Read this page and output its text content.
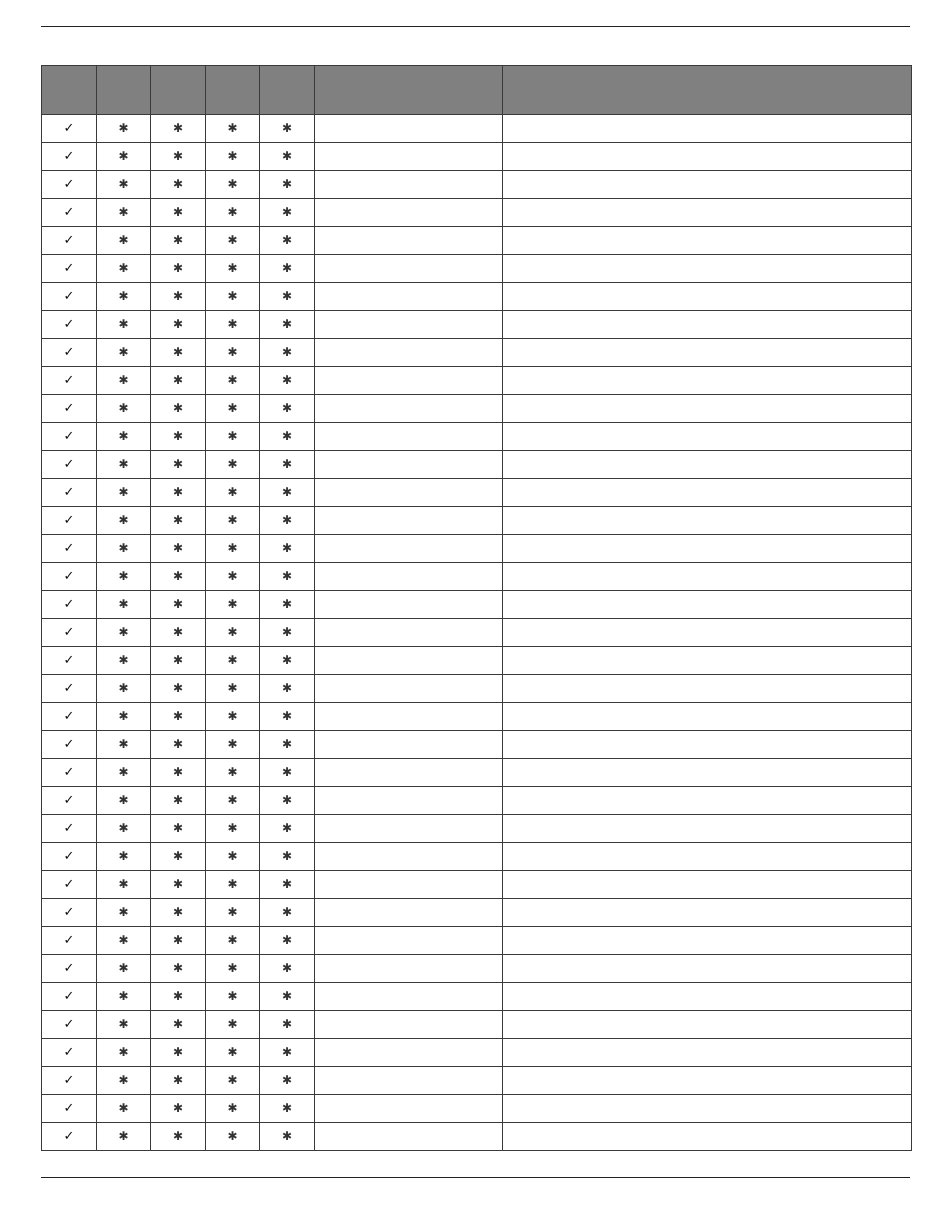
✓	✱	✱	✱	✱		
✓	✱	✱	✱	✱		
✓	✱	✱	✱	✱		
✓	✱	✱	✱	✱		
✓	✱	✱	✱	✱		
✓	✱	✱	✱	✱		
✓	✱	✱	✱	✱		
✓	✱	✱	✱	✱		
✓	✱	✱	✱	✱		
✓	✱	✱	✱	✱		
✓	✱	✱	✱	✱		
✓	✱	✱	✱	✱		
✓	✱	✱	✱	✱		
✓	✱	✱	✱	✱		
✓	✱	✱	✱	✱		
✓	✱	✱	✱	✱		
✓	✱	✱	✱	✱		
✓	✱	✱	✱	✱		
✓	✱	✱	✱	✱		
✓	✱	✱	✱	✱		
✓	✱	✱	✱	✱		
✓	✱	✱	✱	✱		
✓	✱	✱	✱	✱		
✓	✱	✱	✱	✱		
✓	✱	✱	✱	✱		
✓	✱	✱	✱	✱		
✓	✱	✱	✱	✱		
✓	✱	✱	✱	✱		
✓	✱	✱	✱	✱		
✓	✱	✱	✱	✱		
✓	✱	✱	✱	✱		
✓	✱	✱	✱	✱		
✓	✱	✱	✱	✱		
✓	✱	✱	✱	✱		
✓	✱	✱	✱	✱		
✓	✱	✱	✱	✱		
✓	✱	✱	✱	✱		
